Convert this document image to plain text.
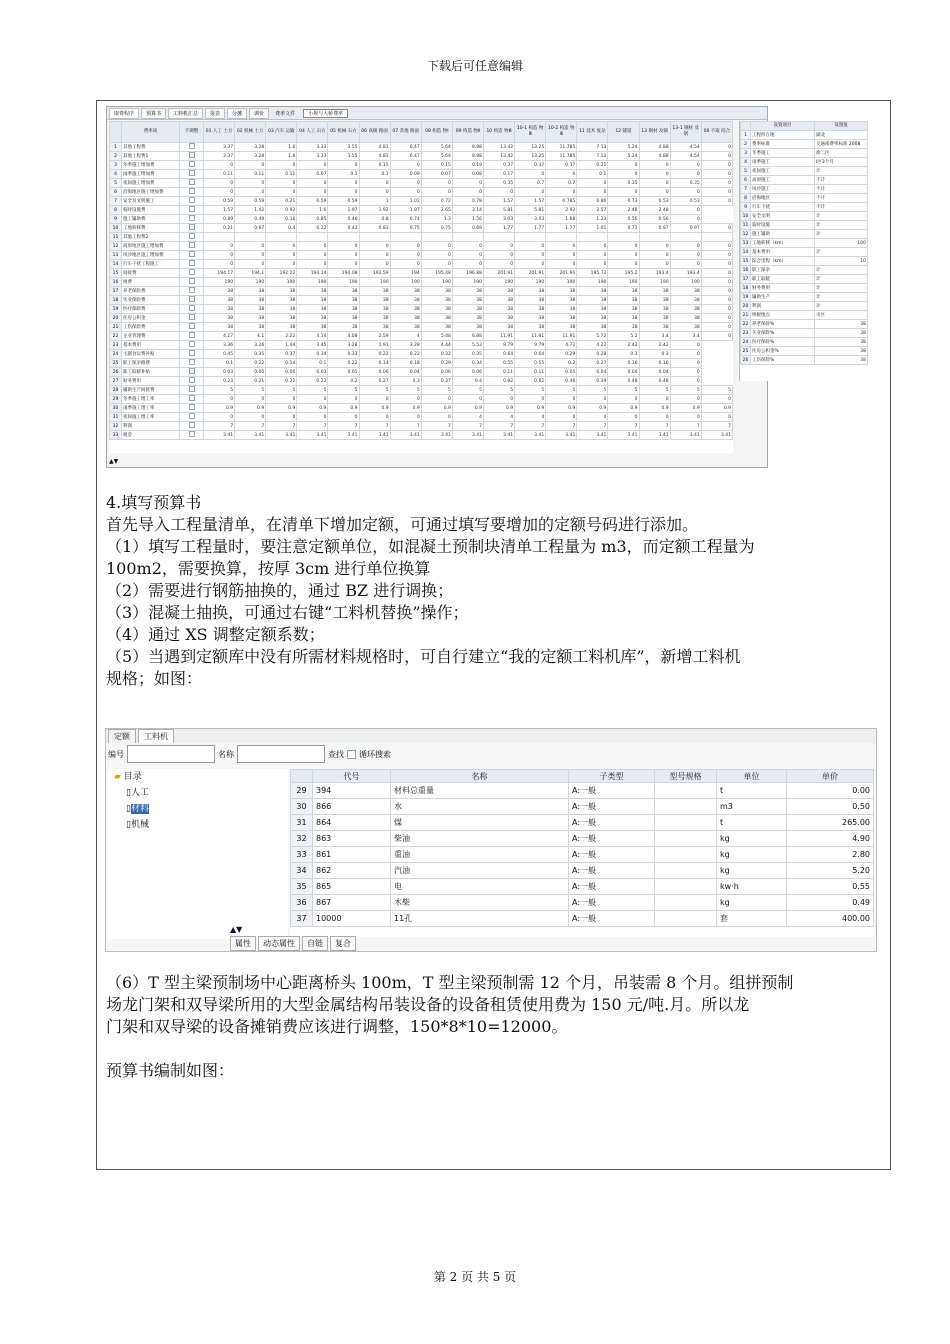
下载后可任意编辑
取费程序	预算书	工料机汇总	报表	分摊	调价	费率文件	小规与大桥费率
	费率项	不调整	01 人工 土方	02 机械 土方	03 汽车 运输	04 人工 石方	05 机械 石方	06 高级 路面	07 其他 路面	08 构造 物Ⅰ	09 构造 物Ⅱ	10 构造 物Ⅲ	10-1 构造 物Ⅲ	10-2 构造 物Ⅲ	11 技术 复杂	12 隧道	13 钢材 及钢	13-1 钢材 及钢	00 不取 综合
1	其他工程费		3.37	3.28	1.6	3.33	3.55	4.81	6.47	5.64	8.88	13.42	13.25	11.785	7.13	5.24	4.88	4.54	0
2	其他工程费1		3.37	3.28	1.6	3.33	3.55	4.81	6.47	5.64	8.88	13.42	13.25	11.785	7.13	5.24	4.88	4.54	0
3	冬季施工增加费		0	0	0	0	0	0.15	0	0.15	0.19	0.37	0.37	0.37	0.21	0	0	0	0
4	雨季施工增加费		0.11	0.11	0.11	0.07	0.1	0.1	0.09	0.07	0.08	0.17	0	0	0.1	0	0	0	0
5	夜间施工增加费		0	0	0	0	0	0	0	0	0	0.35	0.7	0.7	0	0.35	0	0.35	0
6	沿海地区施工增加费		0	0	0	0	0	0	0	0	0	0	0	0	0	0	0	0	0
7	安全及文明施工		0.59	0.59	0.21	0.59	0.59	1	1.02	0.72	0.78	1.57	1.57	0.785	0.86	0.73	0.53	0.53	0
8	临时设施费		1.57	1.42	0.92	1.6	1.97	1.92	1.97	2.65	3.14	5.81	5.81	2.92	2.57	2.48	2.48	0	
9	施工辅助费		0.89	0.49	0.16	0.85	0.46	0.8	0.74	1.3	1.56	3.03	3.03	1.68	1.23	0.56	0.56	0	
10	工地转移费		0.21	0.67	0.4	0.22	0.43	0.83	0.75	0.75	0.69	1.77	1.77	1.77	1.01	0.71	0.97	0.97	0
11	其他工程费2																		
12	高原地区施工增加费		0	0	0	0	0	0	0	0	0	0	0	0	0	0	0	0	0
13	风沙地区施工增加费		0	0	0	0	0	0	0	0	0	0	0	0	0	0	0	0	0
14	行车干扰工程施工		0	0	0	0	0	0	0	0	0	0	0	0	0	0	0	0	0
15	间接费		194.17	194.1	192.22	194.14	194.08	192.59	194	195.48	196.88	201.91	201.91	201.91	195.72	195.2	193.4	193.4	0
16	规费		190	190	190	190	190	190	190	190	190	190	190	190	190	190	190	190	0
17	养老保险费		38	38	38	38	38	38	38	38	38	38	38	38	38	38	38	38	0
18	失业保险费		38	38	38	38	38	38	38	38	38	38	38	38	38	38	38	38	0
19	医疗保险费		38	38	38	38	38	38	38	38	38	38	38	38	38	38	38	38	0
20	住房公积金		38	38	38	38	38	38	38	38	38	38	38	38	38	38	38	38	0
21	工伤保险费		38	38	38	38	38	38	38	38	38	38	38	38	38	38	38	38	0
22	企业管理费		4.17	4.1	2.22	4.14	4.08	2.59	4	5.48	6.88	11.91	11.91	11.91	5.72	5.2	3.4	3.4	0
23	基本费用		3.36	3.26	1.44	3.45	3.28	1.91	3.28	4.44	5.53	9.79	9.79	4.72	4.22	2.42	2.42	0	
24	主副食运费补贴		0.45	0.35	0.37	0.34	0.33	0.22	0.22	0.32	0.35	0.64	0.64	0.29	0.28	0.3	0.3	0	
25	职工探亲路费		0.1	0.22	0.14	0.1	0.22	0.14	0.18	0.29	0.34	0.55	0.55	0.2	0.27	0.16	0.16	0	
26	职工取暖补贴		0.03	0.06	0.06	0.03	0.05	0.06	0.04	0.06	0.06	0.11	0.11	0.05	0.04	0.04	0.04	0	
27	财务费用		0.23	0.21	0.21	0.22	0.2	0.27	0.3	0.37	0.4	0.82	0.82	0.46	0.39	0.48	0.48	0	
28	辅助生产间接费		5	5	5	5	5	5	5	5	5	5	5	5	5	5	5	5	5
29	冬季施工增工率		0	0	0	0	0	0	0	0	0	0	0	0	0	0	0	0	0
30	雨季施工增工率		0.9	0.9	0.9	0.9	0.9	0.9	0.9	0.9	0.9	0.9	0.9	0.9	0.9	0.9	0.9	0.9	0.9
31	夜间施工增工率		0	0	0	0	0	0	0	0	4	4	4	0	4	0	0	0	0
32	利润		7	7	7	7	7	7	7	7	7	7	7	7	7	7	7	7	7
33	税金		3.41	3.41	3.41	3.41	3.41	3.41	3.41	3.41	3.41	3.41	3.41	3.41	3.41	3.41	3.41	3.41	3.41
	设置项目	设置值
1	工程所在地	湖北
2	费率标准	交通部费率标准 2008
3	冬季施工	准二区
4	雨季施工	Ⅰ区3个月
5	夜间施工	计
6	高原施工	不计
7	风沙施工	不计
8	沿海地区	不计
9	行车干扰	不计
10	安全文明	计
11	临时设施	计
12	施工辅助	计
13	工地转移（km）	100
14	基本费用	计
15	综合里程（km）	10
16	职工探亲	计
17	职工取暖	计
18	财务费用	计
19	辅助生产	计
20	利润	计
21	纳税地点	市区
22	养老保险%	38
23	失业保险%	38
24	医疗保险%	38
25	住房公积金%	38
26	工伤保险%	38
▲▼
4.填写预算书
首先导入工程量清单，在清单下增加定额，可通过填写要增加的定额号码进行添加。
（1）填写工程量时，要注意定额单位，如混凝土预制块清单工程量为 m3，而定额工程量为
100m2，需要换算，按厚 3cm 进行单位换算
（2）需要进行钢筋抽换的，通过 BZ 进行调换；
（3）混凝土抽换，可通过右键“工料机替换”操作；
（4）通过 XS 调整定额系数；
（5）当遇到定额库中没有所需材料规格时，可自行建立“我的定额工料机库”，新增工料机
规格；如图：
定额	工料机
编号	名称	查找 循环搜索
▰ 目录
▯人工
▯材料
▯机械
	代号	名称	子类型	型号规格	单位	单价
29	394	材料总重量	A:一般		t	0.00
30	866	水	A:一般		m3	0.50
31	864	煤	A:一般		t	265.00
32	863	柴油	A:一般		kg	4.90
33	861	重油	A:一般		kg	2.80
34	862	汽油	A:一般		kg	5.20
35	865	电	A:一般		kw·h	0.55
36	867	木柴	A:一般		kg	0.49
37	10000	11孔	A:一般		套	400.00
▲▼
属性	动态属性	自链	复合
（6）T 型主梁预制场中心距离桥头 100m，T 型主梁预制需 12 个月，吊装需 8 个月。组拼预制
场龙门架和双导梁所用的大型金属结构吊装设备的设备租赁使用费为 150 元/吨.月。所以龙
门架和双导梁的设备摊销费应该进行调整，150*8*10=12000。
预算书编制如图：
第 2 页 共 5 页
